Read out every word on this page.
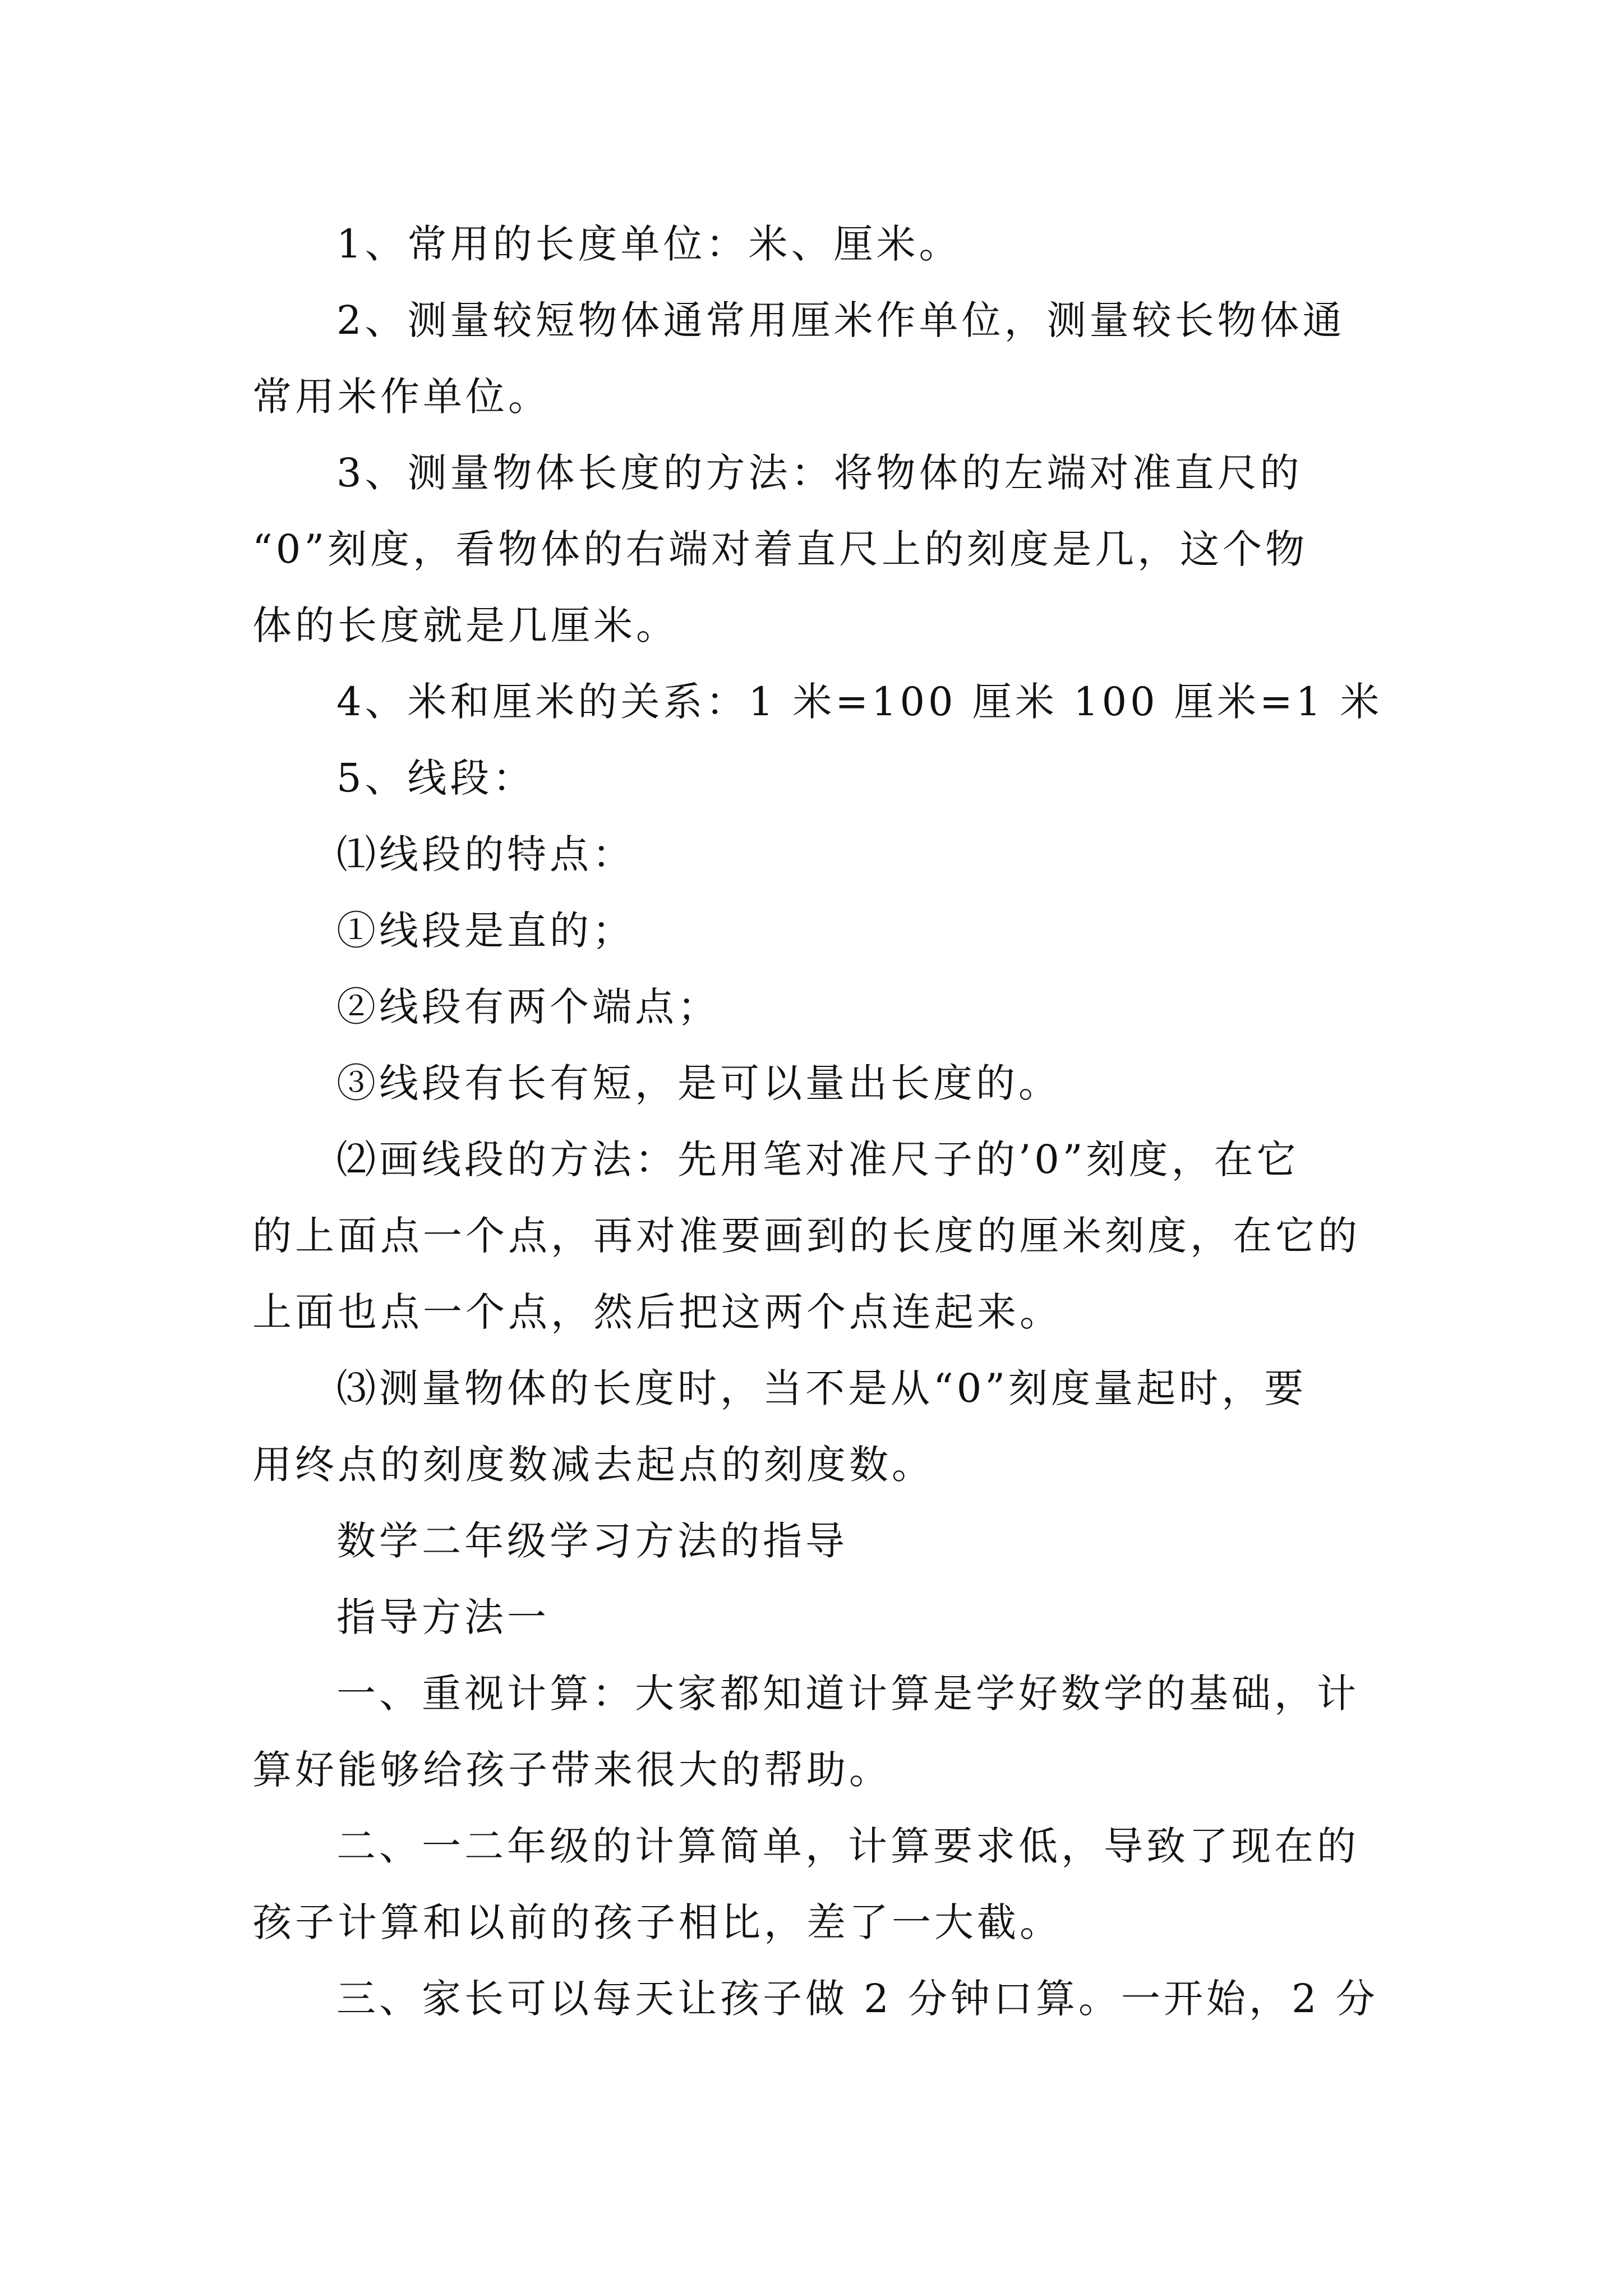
1、常用的长度单位：米、厘米。
2、测量较短物体通常用厘米作单位，测量较长物体通
常用米作单位。
3、测量物体长度的方法：将物体的左端对准直尺的
“0”刻度，看物体的右端对着直尺上的刻度是几，这个物
体的长度就是几厘米。
4、米和厘米的关系：1 米=100 厘米 100 厘米=1 米
5、线段：
⑴线段的特点：
①线段是直的；
②线段有两个端点；
③线段有长有短，是可以量出长度的。
⑵画线段的方法：先用笔对准尺子的’0”刻度，在它
的上面点一个点，再对准要画到的长度的厘米刻度，在它的
上面也点一个点，然后把这两个点连起来。
⑶测量物体的长度时，当不是从“0”刻度量起时，要
用终点的刻度数减去起点的刻度数。
数学二年级学习方法的指导
指导方法一
一、重视计算：大家都知道计算是学好数学的基础，计
算好能够给孩子带来很大的帮助。
二、一二年级的计算简单，计算要求低，导致了现在的
孩子计算和以前的孩子相比，差了一大截。
三、家长可以每天让孩子做 2 分钟口算。一开始，2 分
